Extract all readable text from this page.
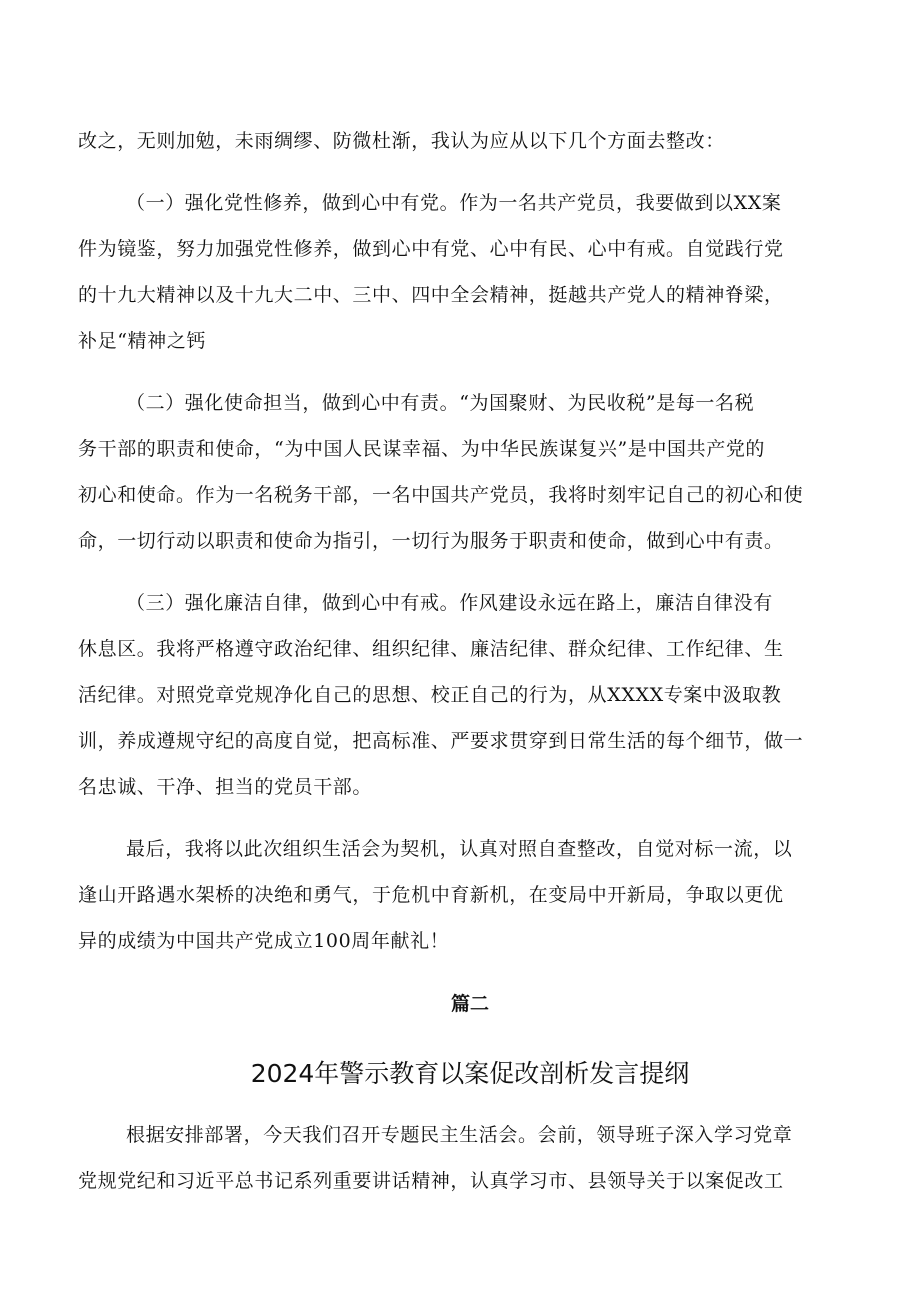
改之，无则加勉，未雨绸缪、防微杜渐，我认为应从以下几个方面去整改：
（一）强化党性修养，做到心中有党。作为一名共产党员，我要做到以XX案
件为镜鉴，努力加强党性修养，做到心中有党、心中有民、心中有戒。自觉践行党
的十九大精神以及十九大二中、三中、四中全会精神，挺越共产党人的精神脊梁，
补足“精神之钙
（二）强化使命担当，做到心中有责。“为国聚财、为民收税”是每一名税
务干部的职责和使命，“为中国人民谋幸福、为中华民族谋复兴”是中国共产党的
初心和使命。作为一名税务干部，一名中国共产党员，我将时刻牢记自己的初心和使
命，一切行动以职责和使命为指引，一切行为服务于职责和使命，做到心中有责。
（三）强化廉洁自律，做到心中有戒。作风建设永远在路上，廉洁自律没有
休息区。我将严格遵守政治纪律、组织纪律、廉洁纪律、群众纪律、工作纪律、生
活纪律。对照党章党规净化自己的思想、校正自己的行为，从XXXX专案中汲取教
训，养成遵规守纪的高度自觉，把高标准、严要求贯穿到日常生活的每个细节，做一
名忠诚、干净、担当的党员干部。
最后，我将以此次组织生活会为契机，认真对照自查整改，自觉对标一流，以
逢山开路遇水架桥的决绝和勇气，于危机中育新机，在变局中开新局，争取以更优
异的成绩为中国共产党成立100周年献礼！
篇二
2024年警示教育以案促改剖析发言提纲
根据安排部署，今天我们召开专题民主生活会。会前，领导班子深入学习党章
党规党纪和习近平总书记系列重要讲话精神，认真学习市、县领导关于以案促改工
